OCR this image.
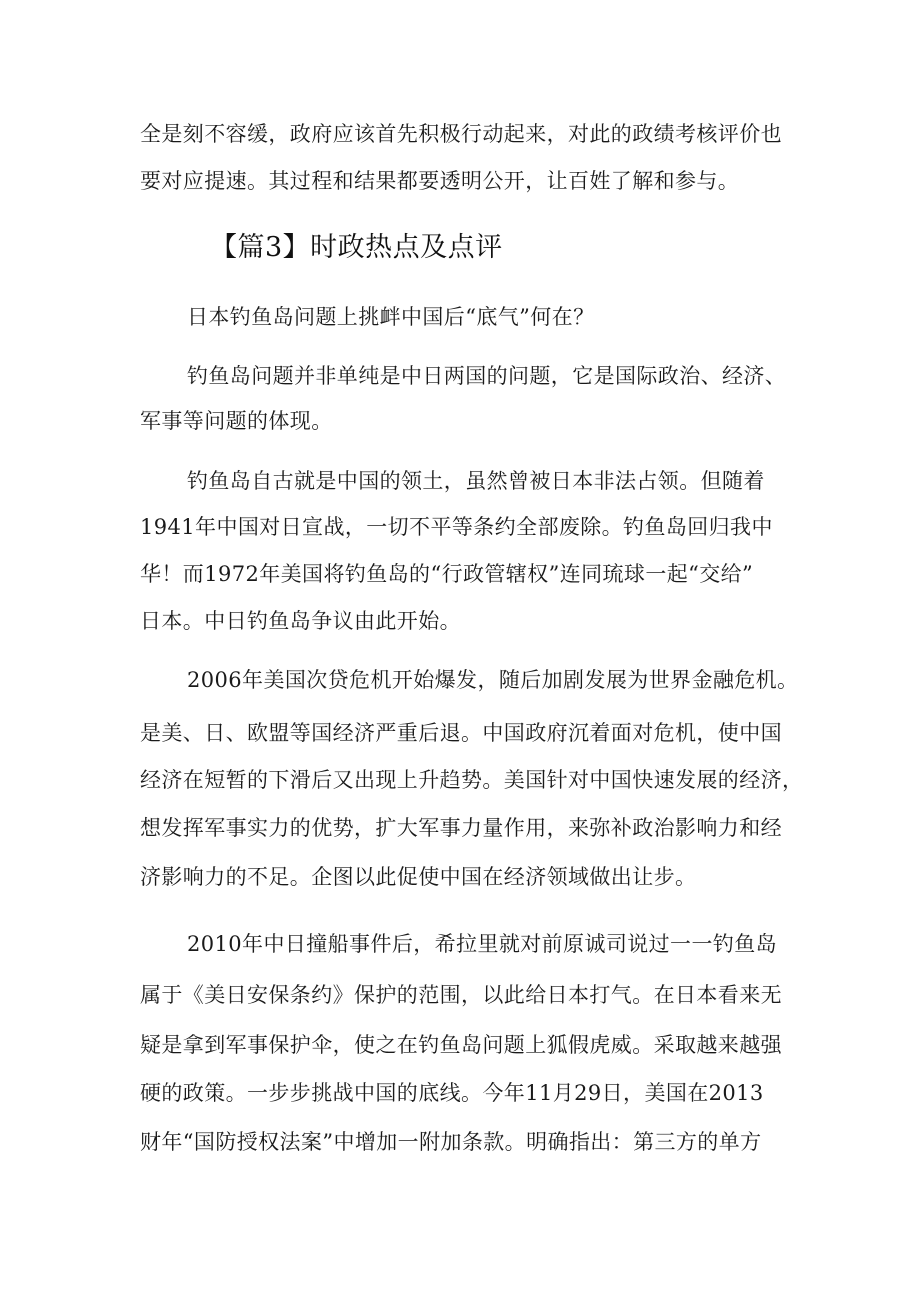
全是刻不容缓，政府应该首先积极行动起来，对此的政绩考核评价也
要对应提速。其过程和结果都要透明公开，让百姓了解和参与。
【篇3】时政热点及点评
日本钓鱼岛问题上挑衅中国后“底气”何在？
钓鱼岛问题并非单纯是中日两国的问题，它是国际政治、经济、
军事等问题的体现。
钓鱼岛自古就是中国的领土，虽然曾被日本非法占领。但随着
1941年中国对日宣战，一切不平等条约全部废除。钓鱼岛回归我中
华！而1972年美国将钓鱼岛的“行政管辖权”连同琉球一起“交给”
日本。中日钓鱼岛争议由此开始。
2006年美国次贷危机开始爆发，随后加剧发展为世界金融危机。
是美、日、欧盟等国经济严重后退。中国政府沉着面对危机，使中国
经济在短暂的下滑后又出现上升趋势。美国针对中国快速发展的经济，
想发挥军事实力的优势，扩大军事力量作用，来弥补政治影响力和经
济影响力的不足。企图以此促使中国在经济领域做出让步。
2010年中日撞船事件后，希拉里就对前原诚司说过一一钓鱼岛
属于《美日安保条约》保护的范围，以此给日本打气。在日本看来无
疑是拿到军事保护伞，使之在钓鱼岛问题上狐假虎威。采取越来越强
硬的政策。一步步挑战中国的底线。今年11月29日，美国在2013
财年“国防授权法案”中增加一附加条款。明确指出：第三方的单方
